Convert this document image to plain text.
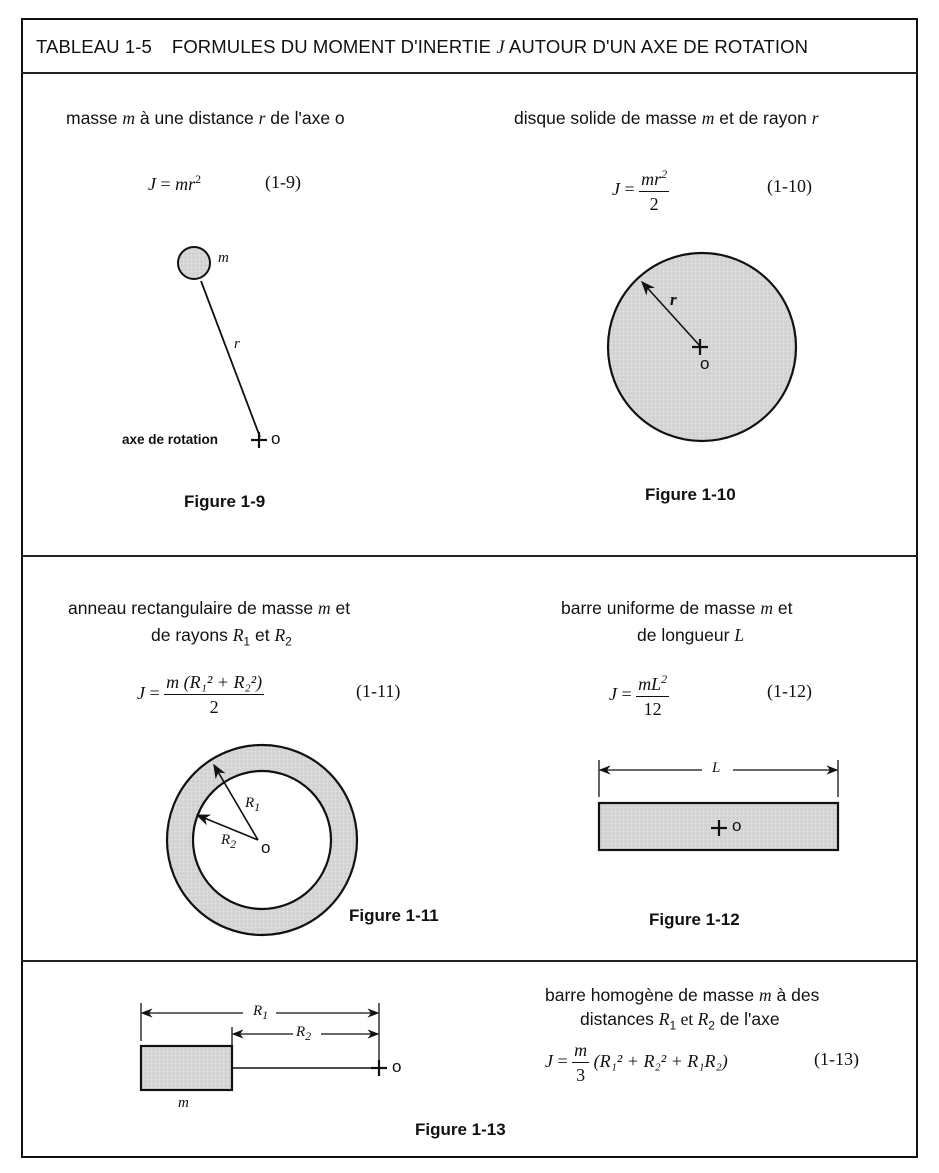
TABLEAU 1-5 FORMULES DU MOMENT D'INERTIE J AUTOUR D'UN AXE DE ROTATION
masse m à une distance r de l'axe o
$J = mr^2$	(1-9)
m
r
axe de rotation	o
Figure 1-9
disque solide de masse m et de rayon r
$J = \frac{mr^2}{2}$	(1-10)
r
o
Figure 1-10
anneau rectangulaire de masse m et
de rayons $R_1$ et $R_2$
$J = \frac{\text{m (R₁² + R₂²)}}{2}$	(1-11)
$R_1$
$R_2$ o
Figure 1-11
barre uniforme de masse m et
de longueur L
$J = \frac{mL^2}{12}$	(1-12)
L
o
Figure 1-12
barre homogène de masse m à des
distances $R_1$ et $R_2$ de l'axe
$J = \frac{m}{3} (R_1^2 + R_2^2 + R_1R_2)$	(1-13)
$R_1$
$R_2$
m
o
Figure 1-13
